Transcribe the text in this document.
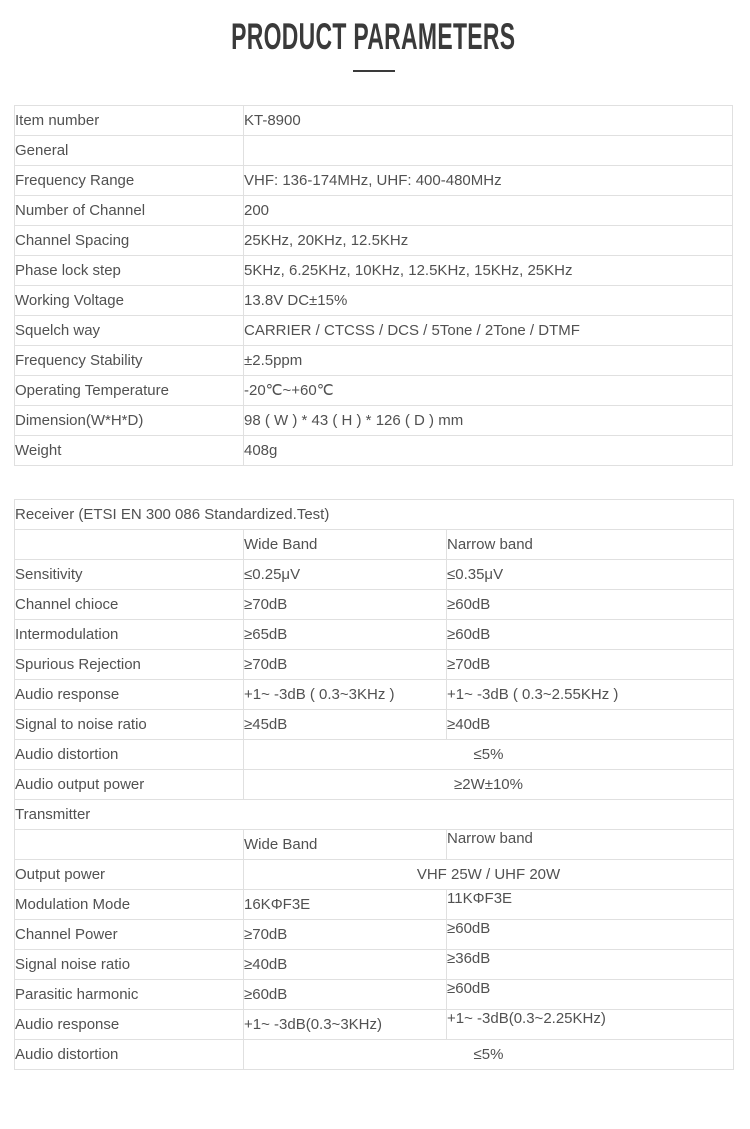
PRODUCT PARAMETERS
Item number	KT-8900
General	
Frequency Range	VHF: 136-174MHz, UHF: 400-480MHz
Number of Channel	200
Channel Spacing	25KHz, 20KHz, 12.5KHz
Phase lock step	5KHz, 6.25KHz, 10KHz, 12.5KHz, 15KHz, 25KHz
Working Voltage	13.8V DC±15%
Squelch way	CARRIER / CTCSS / DCS / 5Tone / 2Tone / DTMF
Frequency Stability	±2.5ppm
Operating Temperature	-20℃~+60℃
Dimension(W*H*D)	98 ( W ) * 43 ( H ) * 126 ( D ) mm
Weight	408g
Receiver (ETSI EN 300 086 Standardized.Test)		
	Wide Band	Narrow band
Sensitivity	≤0.25μV	≤0.35μV
Channel chioce	≥70dB	≥60dB
Intermodulation	≥65dB	≥60dB
Spurious Rejection	≥70dB	≥70dB
Audio response	+1~ -3dB ( 0.3~3KHz )	+1~ -3dB ( 0.3~2.55KHz )
Signal to noise ratio	≥45dB	≥40dB
Audio distortion	≤5%	
Audio output power	≥2W±10%	
Transmitter		
	Wide Band	Narrow band
Output power	VHF 25W / UHF 20W	
Modulation Mode	16KΦF3E	11KΦF3E
Channel Power	≥70dB	≥60dB
Signal noise ratio	≥40dB	≥36dB
Parasitic harmonic	≥60dB	≥60dB
Audio response	+1~ -3dB(0.3~3KHz)	+1~ -3dB(0.3~2.25KHz)
Audio distortion	≤5%	
